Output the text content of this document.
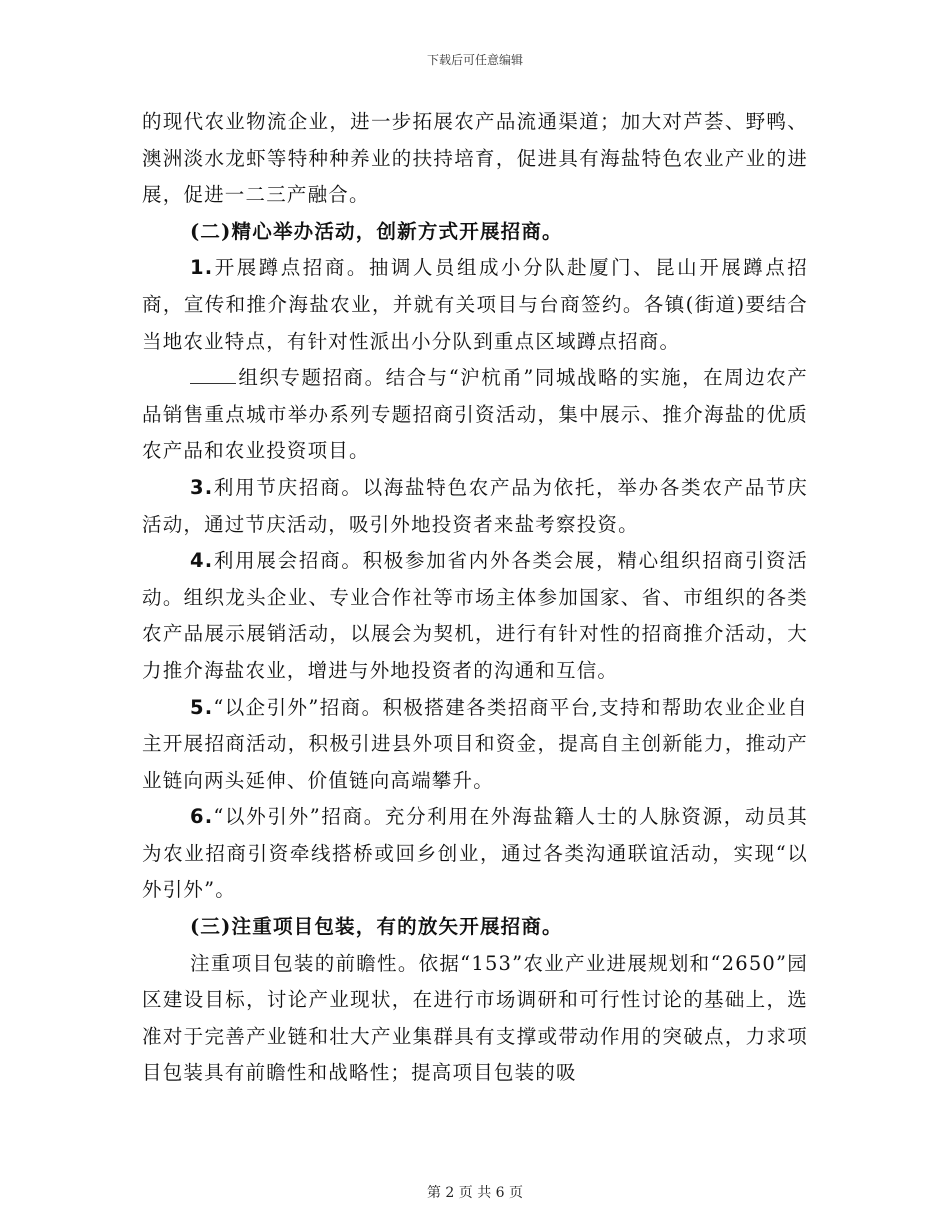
下载后可任意编辑

的现代农业物流企业，进一步拓展农产品流通渠道；加大对芦荟、野鸭、澳洲淡水龙虾等特种种养业的扶持培育，促进具有海盐特色农业产业的进展，促进一二三产融合。

(二)精心举办活动，创新方式开展招商。

1.开展蹲点招商。抽调人员组成小分队赴厦门、昆山开展蹲点招商，宣传和推介海盐农业，并就有关项目与台商签约。各镇(街道)要结合当地农业特点，有针对性派出小分队到重点区域蹲点招商。

组织专题招商。结合与“沪杭甬”同城战略的实施，在周边农产品销售重点城市举办系列专题招商引资活动，集中展示、推介海盐的优质农产品和农业投资项目。

3.利用节庆招商。以海盐特色农产品为依托，举办各类农产品节庆活动，通过节庆活动，吸引外地投资者来盐考察投资。

4.利用展会招商。积极参加省内外各类会展，精心组织招商引资活动。组织龙头企业、专业合作社等市场主体参加国家、省、市组织的各类农产品展示展销活动，以展会为契机，进行有针对性的招商推介活动，大力推介海盐农业，增进与外地投资者的沟通和互信。

5.“以企引外”招商。积极搭建各类招商平台,支持和帮助农业企业自主开展招商活动，积极引进县外项目和资金，提高自主创新能力，推动产业链向两头延伸、价值链向高端攀升。

6.“以外引外”招商。充分利用在外海盐籍人士的人脉资源，动员其为农业招商引资牵线搭桥或回乡创业，通过各类沟通联谊活动，实现“以外引外”。

(三)注重项目包装，有的放矢开展招商。

注重项目包装的前瞻性。依据“153”农业产业进展规划和“2650”园区建设目标，讨论产业现状，在进行市场调研和可行性讨论的基础上，选准对于完善产业链和壮大产业集群具有支撑或带动作用的突破点，力求项目包装具有前瞻性和战略性；提高项目包装的吸

第 2 页 共 6 页
